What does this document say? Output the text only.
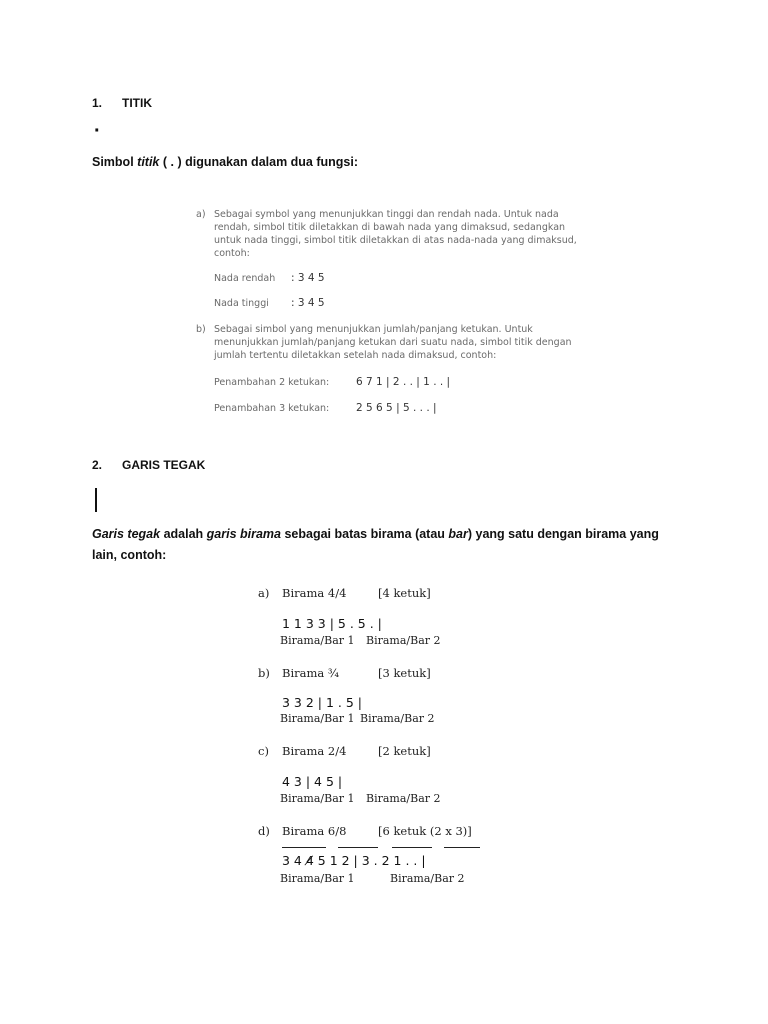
1. TITIK
·
Simbol titik ( . ) digunakan dalam dua fungsi:
a) Sebagai symbol yang menunjukkan tinggi dan rendah nada. Untuk nada
rendah, simbol titik diletakkan di bawah nada yang dimaksud, sedangkan
untuk nada tinggi, simbol titik diletakkan di atas nada-nada yang dimaksud,
contoh:
Nada rendah : 3 4 5
Nada tinggi : 3 4 5
b) Sebagai simbol yang menunjukkan jumlah/panjang ketukan. Untuk
menunjukkan jumlah/panjang ketukan dari suatu nada, simbol titik dengan
jumlah tertentu diletakkan setelah nada dimaksud, contoh:
Penambahan 2 ketukan:	6 7 1 | 2 . . | 1 . . |
Penambahan 3 ketukan:	2 5 6 5 | 5 . . . |
2. GARIS TEGAK
Garis tegak adalah garis birama sebagai batas birama (atau bar) yang satu dengan birama yang
lain, contoh:
a) Birama 4/4	[4 ketuk]
1 1 3 3 | 5 . 5 . |
Birama/Bar 1 Birama/Bar 2
b) Birama ¾	[3 ketuk]
3 3 2 | 1 . 5 |
Birama/Bar 1 Birama/Bar 2
c) Birama 2/4	[2 ketuk]
4 3 | 4 5 |
Birama/Bar 1 Birama/Bar 2
d) Birama 6/8	[6 ketuk (2 x 3)]
3 4 4̸ 5 1 2 | 3 . 2 1 . . |
Birama/Bar 1	Birama/Bar 2
